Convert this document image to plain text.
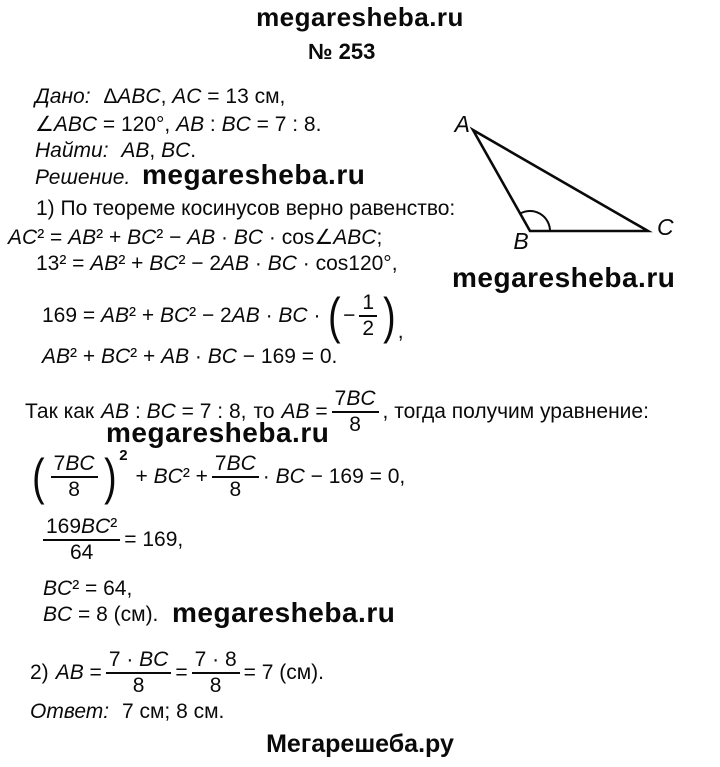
megaresheba.ru
№ 253
Дано: ΔABC, AC = 13 см,
∠ABC = 120°, AB : BC = 7 : 8.
Найти: AB, BC.
Решение. megaresheba.ru
A
B
C
megaresheba.ru
1) По теореме косинусов верно равенство:
AC² = AB² + BC² − AB · BC · cos∠ABC;
13² = AB² + BC² − 2AB · BC · cos120°,
169 = AB² + BC² − 2AB · BC · ( − $\frac{1}{2}$ ) ,
AB² + BC² + AB · BC − 169 = 0.
Так как AB : BC = 7 : 8, то AB = $\frac{7BC}{8}$ , тогда получим уравнение:
megaresheba.ru
( $\frac{7BC}{8}$ ) 2
+ $BC^2 + \frac{7BC}{8}$ · BC − 169 = 0,
$\frac{\text{169BC²}}{64} = 169$,
BC² = 64,
BC = 8 (см). megaresheba.ru
2) AB = $\frac{7 \cdot BC}{8} = \frac{7 \cdot 8}{8} = 7$ (см).
Ответ: 7 см; 8 см.
Мегарешеба.ру
